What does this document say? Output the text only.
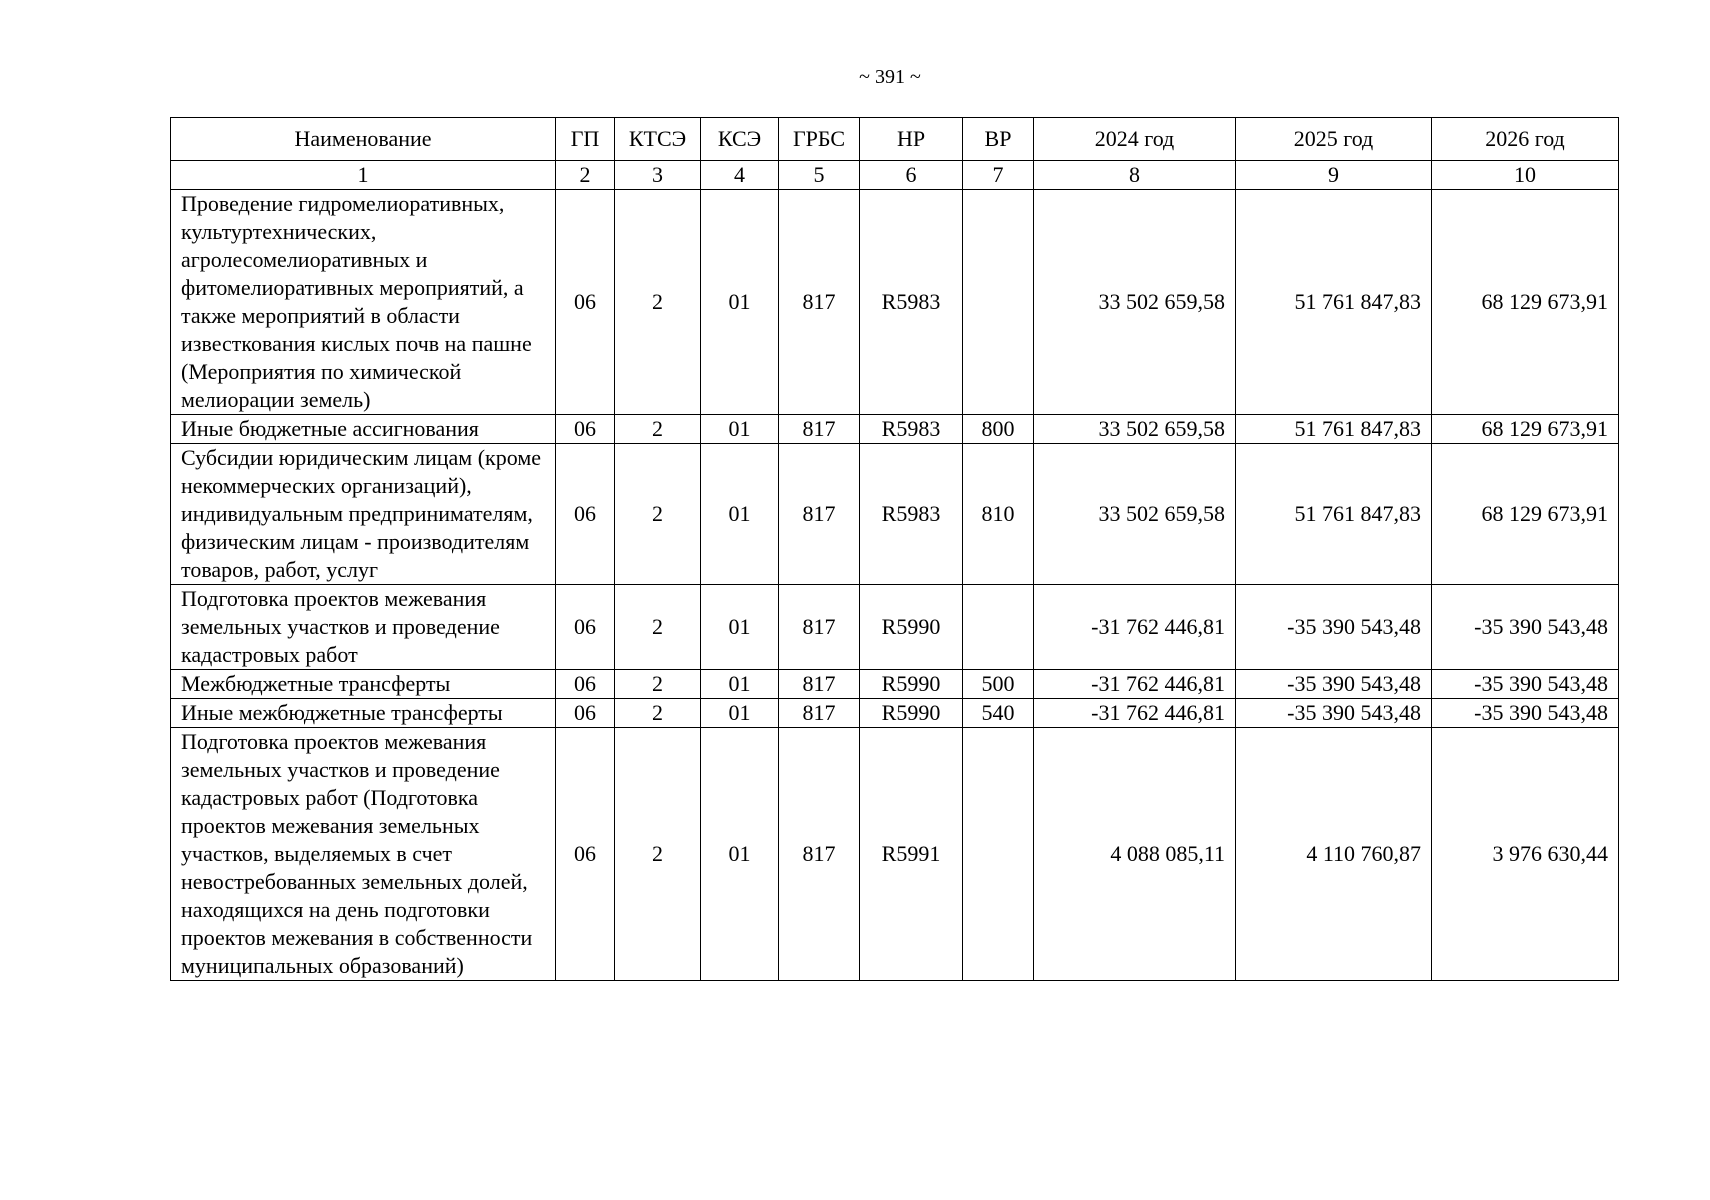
~ 391 ~
Наименование	ГП	КТСЭ	КСЭ	ГРБС	НР	ВР	2024 год	2025 год	2026 год
1	2	3	4	5	6	7	8	9	10
Проведение гидромелиоративных, культуртехнических, агролесомелиоративных и фитомелиоративных мероприятий, а также мероприятий в области известкования кислых почв на пашне (Мероприятия по химической мелиорации земель)	06	2	01	817	R5983		33 502 659,58	51 761 847,83	68 129 673,91
Иные бюджетные ассигнования	06	2	01	817	R5983	800	33 502 659,58	51 761 847,83	68 129 673,91
Субсидии юридическим лицам (кроме некоммерческих организаций), индивидуальным предпринимателям, физическим лицам - производителям товаров, работ, услуг	06	2	01	817	R5983	810	33 502 659,58	51 761 847,83	68 129 673,91
Подготовка проектов межевания земельных участков и проведение кадастровых работ	06	2	01	817	R5990		-31 762 446,81	-35 390 543,48	-35 390 543,48
Межбюджетные трансферты	06	2	01	817	R5990	500	-31 762 446,81	-35 390 543,48	-35 390 543,48
Иные межбюджетные трансферты	06	2	01	817	R5990	540	-31 762 446,81	-35 390 543,48	-35 390 543,48
Подготовка проектов межевания земельных участков и проведение кадастровых работ (Подготовка проектов межевания земельных участков, выделяемых в счет невостребованных земельных долей, находящихся на день подготовки проектов межевания в собственности муниципальных образований)	06	2	01	817	R5991		4 088 085,11	4 110 760,87	3 976 630,44
